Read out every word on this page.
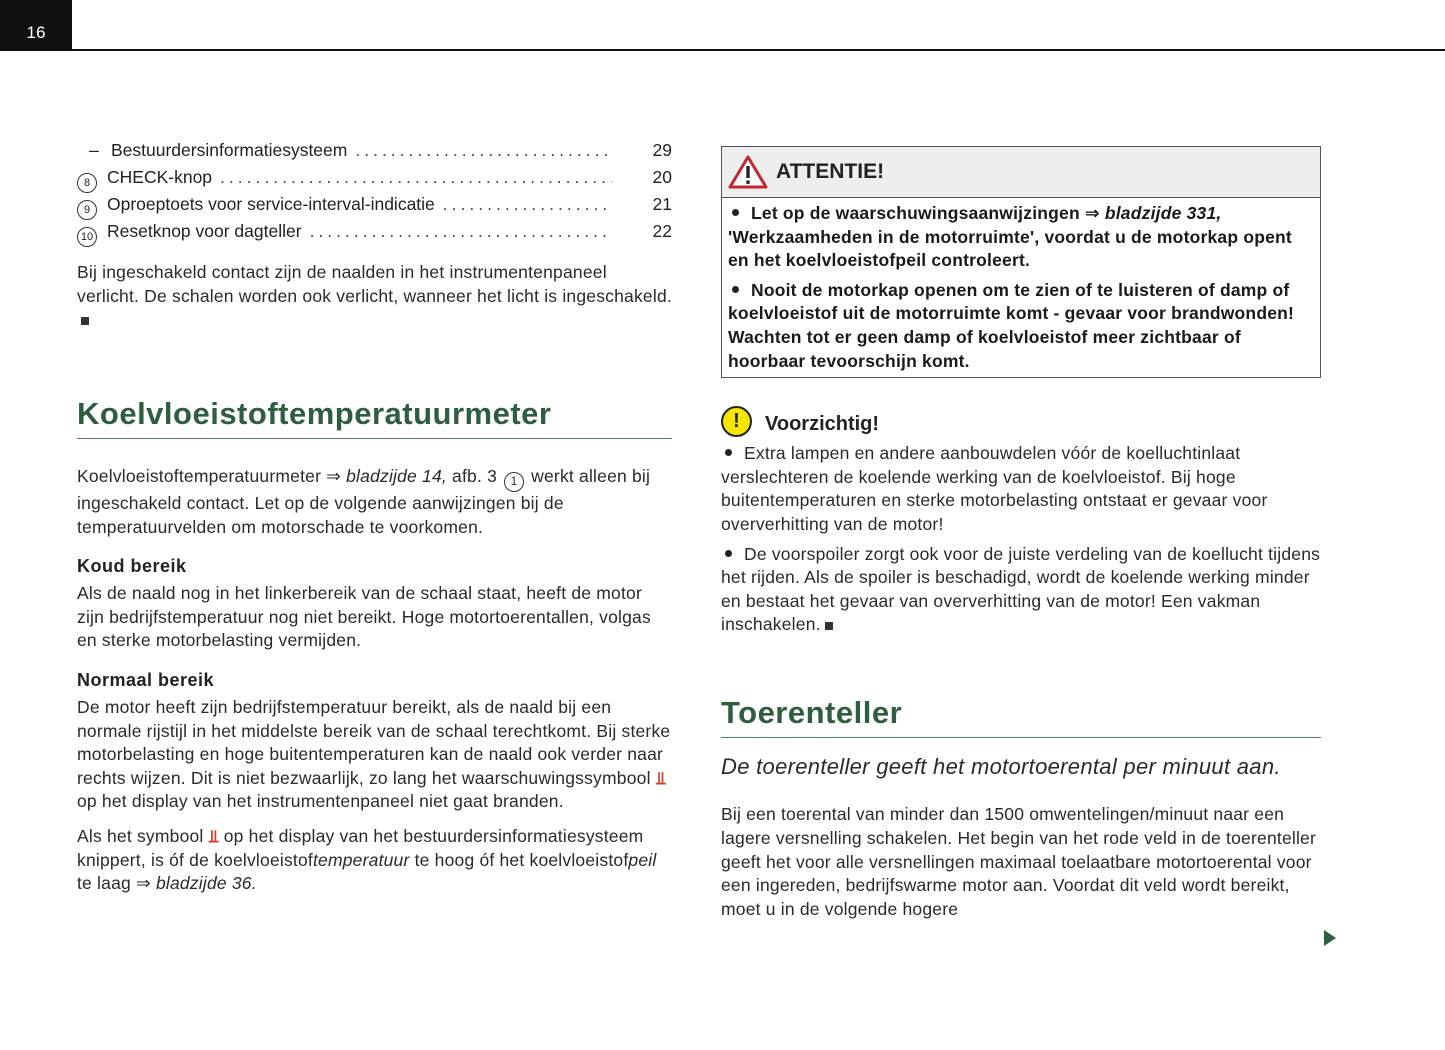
16
– Bestuurdersinformatiesysteem .....	29
8 CHECK-knop .....	20
9 Oproeptoets voor service-interval-indicatie .....	21
10 Resetknop voor dagteller .....	22

Bij ingeschakeld contact zijn de naalden in het instrumentenpaneel verlicht. De schalen worden ook verlicht, wanneer het licht is ingeschakeld.

Koelvloeistoftemperatuurmeter

Koelvloeistoftemperatuurmeter ⇒ bladzijde 14, afb. 3 1 werkt alleen bij ingeschakeld contact. Let op de volgende aanwijzingen bij de temperatuurvelden om motorschade te voorkomen.

Koud bereik

Als de naald nog in het linkerbereik van de schaal staat, heeft de motor zijn bedrijfstemperatuur nog niet bereikt. Hoge motortoerentallen, volgas en sterke motorbelasting vermijden.

Normaal bereik

De motor heeft zijn bedrijfstemperatuur bereikt, als de naald bij een normale rijstijl in het middelste bereik van de schaal terechtkomt. Bij sterke motorbelasting en hoge buitentemperaturen kan de naald ook verder naar rechts wijzen. Dit is niet bezwaarlijk, zo lang het waarschuwingssymbool ⫫ op het display van het instrumentenpaneel niet gaat branden.

Als het symbool ⫫ op het display van het bestuurdersinformatiesysteem knippert, is óf de koelvloeistoftemperatuur te hoog óf het koelvloeistofpeil te laag ⇒ bladzijde 36.

ATTENTIE!

Let op de waarschuwingsaanwijzingen ⇒ bladzijde 331, 'Werkzaamheden in de motorruimte', voordat u de motorkap opent en het koelvloeistofpeil controleert.

Nooit de motorkap openen om te zien of te luisteren of damp of koelvloeistof uit de motorruimte komt - gevaar voor brandwonden! Wachten tot er geen damp of koelvloeistof meer zichtbaar of hoorbaar tevoorschijn komt.

!	Voorzichtig!

Extra lampen en andere aanbouwdelen vóór de koelluchtinlaat verslechteren de koelende werking van de koelvloeistof. Bij hoge buitentemperaturen en sterke motorbelasting ontstaat er gevaar voor oververhitting van de motor!

De voorspoiler zorgt ook voor de juiste verdeling van de koellucht tijdens het rijden. Als de spoiler is beschadigd, wordt de koelende werking minder en bestaat het gevaar van oververhitting van de motor! Een vakman inschakelen.

Toerenteller

De toerenteller geeft het motortoerental per minuut aan.

Bij een toerental van minder dan 1500 omwentelingen/minuut naar een lagere versnelling schakelen. Het begin van het rode veld in de toerenteller geeft het voor alle versnellingen maximaal toelaatbare motortoerental voor een ingereden, bedrijfswarme motor aan. Voordat dit veld wordt bereikt, moet u in de volgende hogere
